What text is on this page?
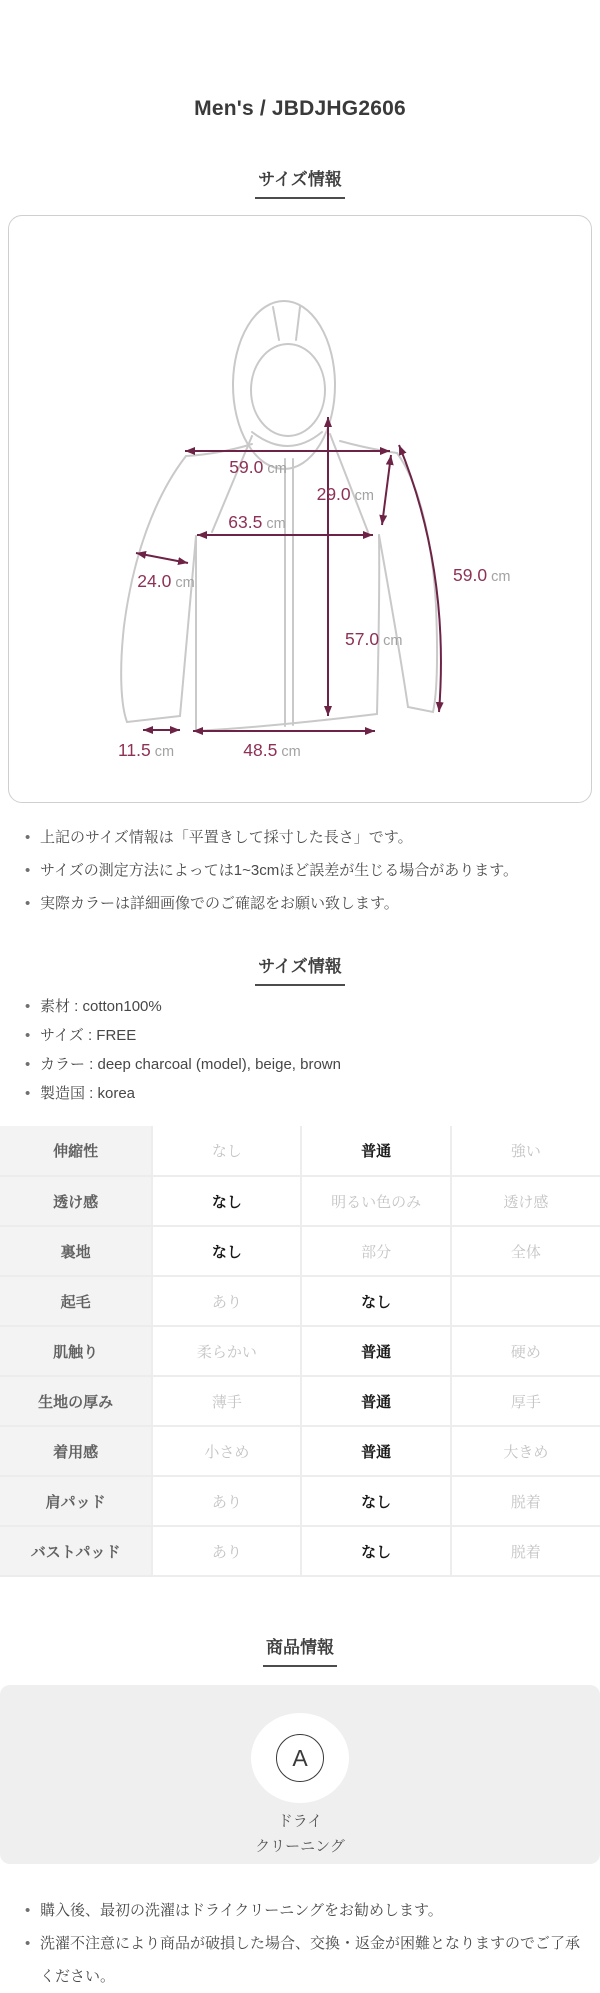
Men's / JBDJHG2606
サイズ情報
59.0 cm
29.0 cm
63.5 cm
24.0 cm	59.0 cm
57.0 cm
11.5 cm	48.5 cm
• 上記のサイズ情報は「平置きして採寸した長さ」です。
• サイズの測定方法によっては1~3cmほど誤差が生じる場合があります。
• 実際カラーは詳細画像でのご確認をお願い致します。
サイズ情報
• 素材 : cotton100%
• サイズ : FREE
• カラー : deep charcoal (model), beige, brown
• 製造国 : korea
伸縮性	なし	普通	強い
透け感	なし	明るい色のみ	透け感
裏地	なし	部分	全体
起毛	あり	なし	
肌触り	柔らかい	普通	硬め
生地の厚み	薄手	普通	厚手
着用感	小さめ	普通	大きめ
肩パッド	あり	なし	脱着
バストパッド	あり	なし	脱着
商品情報
A
ドライ
クリーニング
• 購入後、最初の洗濯はドライクリーニングをお勧めします。
• 洗濯不注意により商品が破損した場合、交換・返金が困難となりますのでご了承ください。
